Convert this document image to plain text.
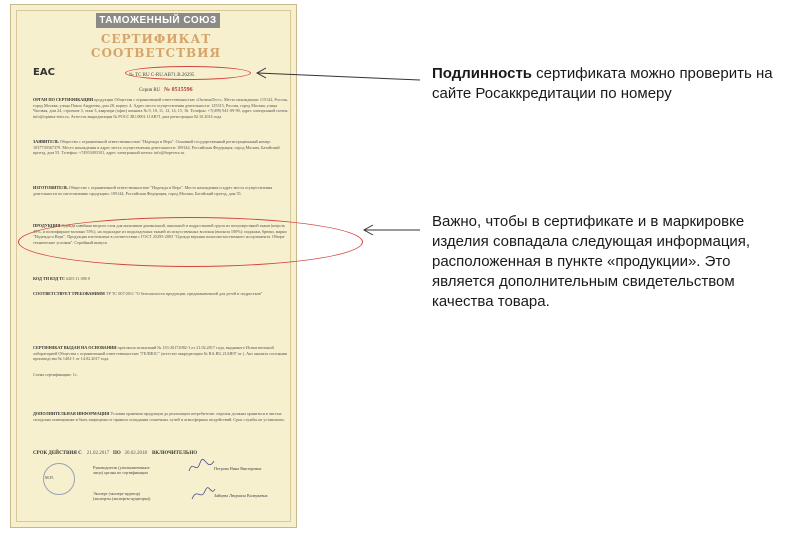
ТАМОЖЕННЫЙ СОЮЗ
СЕРТИФИКАТ СООТВЕТСТВИЯ
EAC	№ ТС RU С-RU.АВ71.В.26295
Серия RU № 0515596
ОРГАН ПО СЕРТИФИКАЦИИ продукции Общества с ограниченной ответственностью «ОптимаТест». Место нахождения: 115142, Россия, город Москва, улица Павла Андреева, дом 28, корпус 4. Адрес места осуществления деятельности: 125315, Россия, город Москва, улица Часовая, дом 24, строение 3, этаж 3, квартира (офис) комната № 9, 10, 11, 12, 14, 15, 16. Телефон: +7(499) 941-09-90, адрес электронной почты: info@optima-tests.ru. Аттестат аккредитации № РОСС RU.0001.11АВ71 дата регистрации 02.10.2014 года
ЗАЯВИТЕЛЬ Общество с ограниченной ответственностью "Надежда и Вера". Основной государственный регистрационный номер: 1037739367379. Место нахождения и адрес места осуществления деятельности: 109144, Российская Федерация, город Москва, Батайский проезд, дом 55. Телефон: +74953493101, адрес электронной почты: info@hoprvera.ru.
ИЗГОТОВИТЕЛЬ Общество с ограниченной ответственностью "Надежда и Вера". Место нахождения и адрес места осуществления деятельности по изготовлению продукции: 109144, Российская Федерация, город Москва, Батайский проезд, дом 55.
ПРОДУКЦИЯ Одежда швейная второго слоя для мальчиков дошкольной, школьной и подростковой групп из полушерстяной ткани (шерсть 45%, и полиэфирное волокно 55%), на подкладке из подкладочных тканей из искусственных волокон (вискоза 100%): пиджаки, брюки, марки "Надежда и Вера". Продукция изготовлена в соответствии с ГОСТ 25295-2003 "Одежда верхняя пальтово-костюмного ассортимента. Общие технические условия". Серийный выпуск
КОД ТН ВЭД ТС 6203 11 000 0
СООТВЕТСТВУЕТ ТРЕБОВАНИЯМ ТР ТС 007/2011 "О безопасности продукции, предназначенной для детей и подростков"
СЕРТИФИКАТ ВЫДАН НА ОСНОВАНИИ протокола испытаний № 133-20172082-1 от 21.02.2017 года, выданного Испытательной лабораторией Общества с ограниченной ответственностью "ГЕЛИОС" (аттестат аккредитации № RA.RU.21АВ97 от ). Акт анализа состояния производства № 1402-1 от 14.02.2017 года.
Схема сертификации: 1с.
ДОПОЛНИТЕЛЬНАЯ ИНФОРМАЦИЯ Условия хранения продукции до реализации потребителю: изделия должны храниться в чистых складских помещениях в быть защищены от прямого попадания солнечных лучей и атмосферных воздействий. Срок службы не установлен.
СРОК ДЕЙСТВИЯ С 21.02.2017 ПО 20.02.2018 ВКЛЮЧИТЕЛЬНО
М.П.
Руководитель (уполномоченное лицо) органа по сертификации
Петрова Нина Викторовна
Эксперт (эксперт-аудитор) (эксперты (эксперты-аудиторы))
Зайцева Людмила Валерьевна
Подлинность сертификата можно проверить на сайте Росаккредитации по номеру
Важно, чтобы в сертификате и в маркировке изделия совпадала следующая информация, расположенная в пункте «продукции». Это является дополнительным свидетельством качества товара.
